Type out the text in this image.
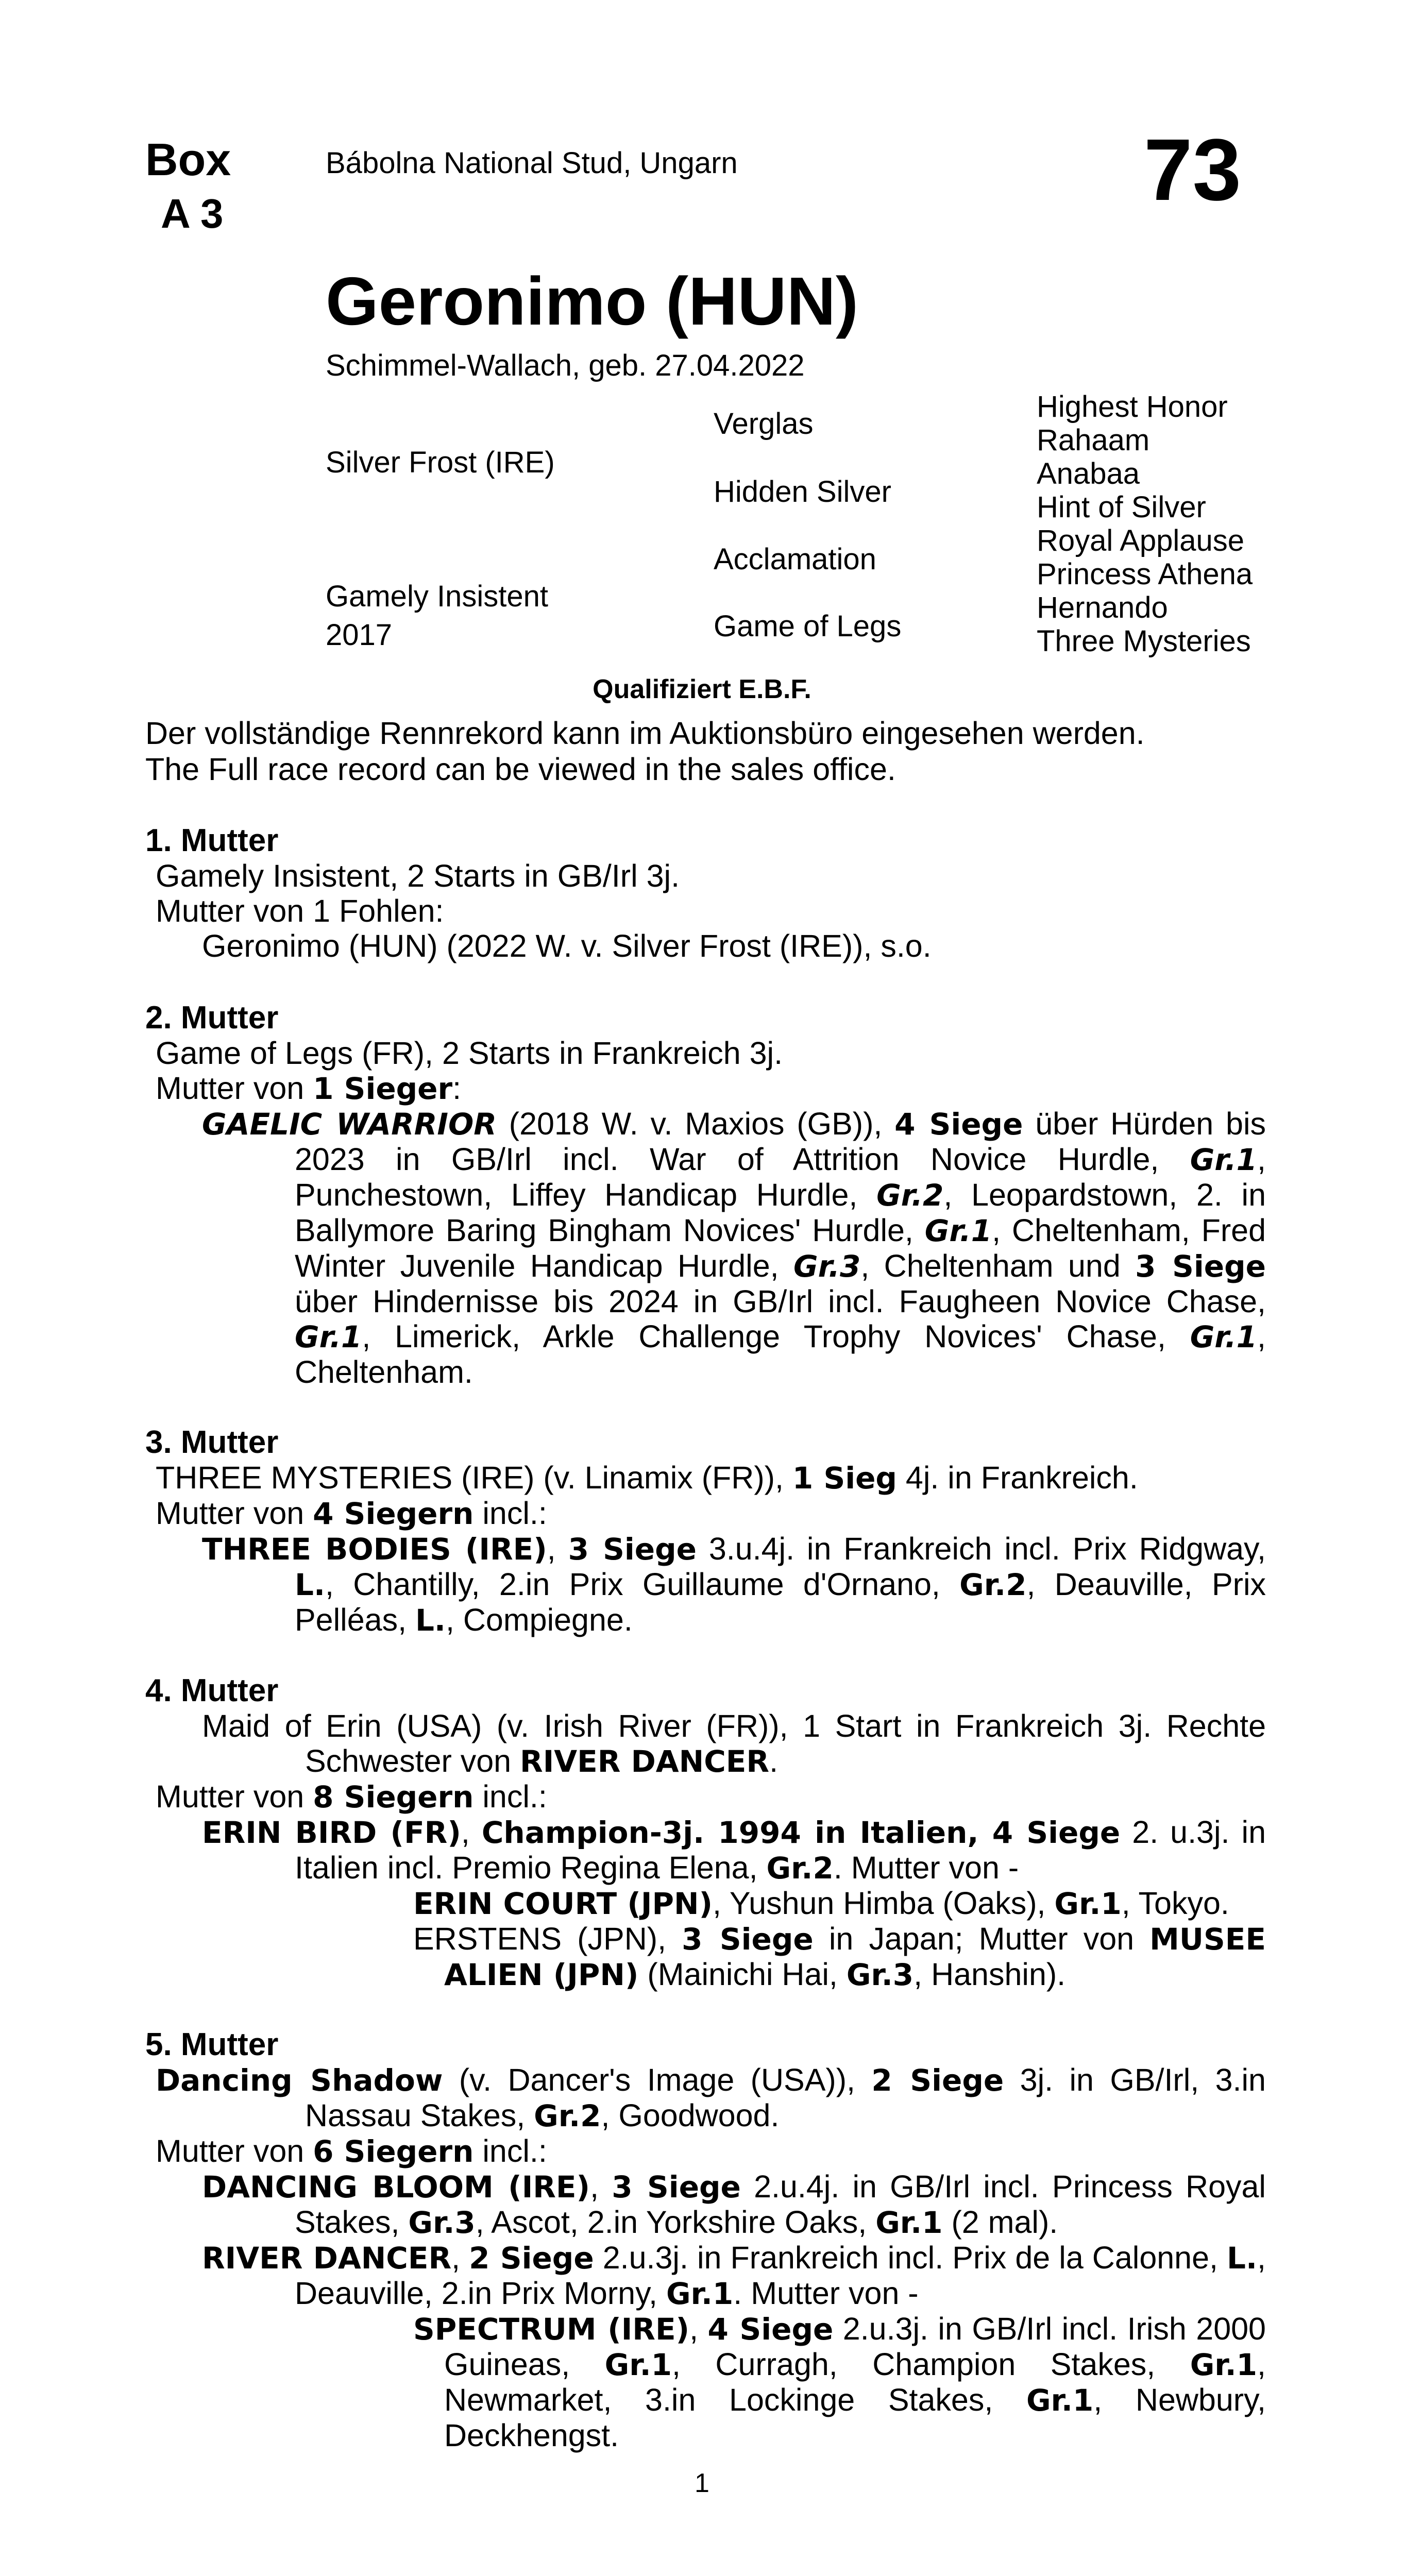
Box
A 3	73
Bábolna National Stud, Ungarn
Geronimo (HUN)
Schimmel-Wallach, geb. 27.04.2022
Silver Frost (IRE)
Gamely Insistent
2017
Verglas
Hidden Silver
Acclamation
Game of Legs
Highest Honor
Rahaam
Anabaa
Hint of Silver
Royal Applause
Princess Athena
Hernando
Three Mysteries
Qualifiziert E.B.F.
Der vollständige Rennrekord kann im Auktionsbüro eingesehen werden.
The Full race record can be viewed in the sales office.
1. Mutter
Gamely Insistent, 2 Starts in GB/Irl 3j.
Mutter von 1 Fohlen:
Geronimo (HUN) (2022 W. v. Silver Frost (IRE)), s.o.
2. Mutter
Game of Legs (FR), 2 Starts in Frankreich 3j.
Mutter von 1 Sieger:
GAELIC WARRIOR (2018 W. v. Maxios (GB)), 4 Siege über Hürden bis 2023 in GB/Irl incl. War of Attrition Novice Hurdle, Gr.1, Punchestown, Liffey Handicap Hurdle, Gr.2, Leopardstown, 2. in Ballymore Baring Bingham Novices' Hurdle, Gr.1, Cheltenham, Fred Winter Juvenile Handicap Hurdle, Gr.3, Cheltenham und 3 Siege über Hindernisse bis 2024 in GB/Irl incl. Faugheen Novice Chase, Gr.1, Limerick, Arkle Challenge Trophy Novices' Chase, Gr.1, Cheltenham.
3. Mutter
THREE MYSTERIES (IRE) (v. Linamix (FR)), 1 Sieg 4j. in Frankreich.
Mutter von 4 Siegern incl.:
THREE BODIES (IRE), 3 Siege 3.u.4j. in Frankreich incl. Prix Ridgway, L., Chantilly, 2.in Prix Guillaume d'Ornano, Gr.2, Deauville, Prix Pelléas, L., Compiegne.
4. Mutter
Maid of Erin (USA) (v. Irish River (FR)), 1 Start in Frankreich 3j. Rechte Schwester von RIVER DANCER.
Mutter von 8 Siegern incl.:
ERIN BIRD (FR), Champion-3j. 1994 in Italien, 4 Siege 2. u.3j. in Italien incl. Premio Regina Elena, Gr.2. Mutter von -
ERIN COURT (JPN), Yushun Himba (Oaks), Gr.1, Tokyo.
ERSTENS (JPN), 3 Siege in Japan; Mutter von MUSEE ALIEN (JPN) (Mainichi Hai, Gr.3, Hanshin).
5. Mutter
Dancing Shadow (v. Dancer's Image (USA)), 2 Siege 3j. in GB/Irl, 3.in Nassau Stakes, Gr.2, Goodwood.
Mutter von 6 Siegern incl.:
DANCING BLOOM (IRE), 3 Siege 2.u.4j. in GB/Irl incl. Princess Royal Stakes, Gr.3, Ascot, 2.in Yorkshire Oaks, Gr.1 (2 mal).
RIVER DANCER, 2 Siege 2.u.3j. in Frankreich incl. Prix de la Calonne, L., Deauville, 2.in Prix Morny, Gr.1. Mutter von -
SPECTRUM (IRE), 4 Siege 2.u.3j. in GB/Irl incl. Irish 2000 Guineas, Gr.1, Curragh, Champion Stakes, Gr.1, Newmarket, 3.in Lockinge Stakes, Gr.1, Newbury, Deckhengst.
1
